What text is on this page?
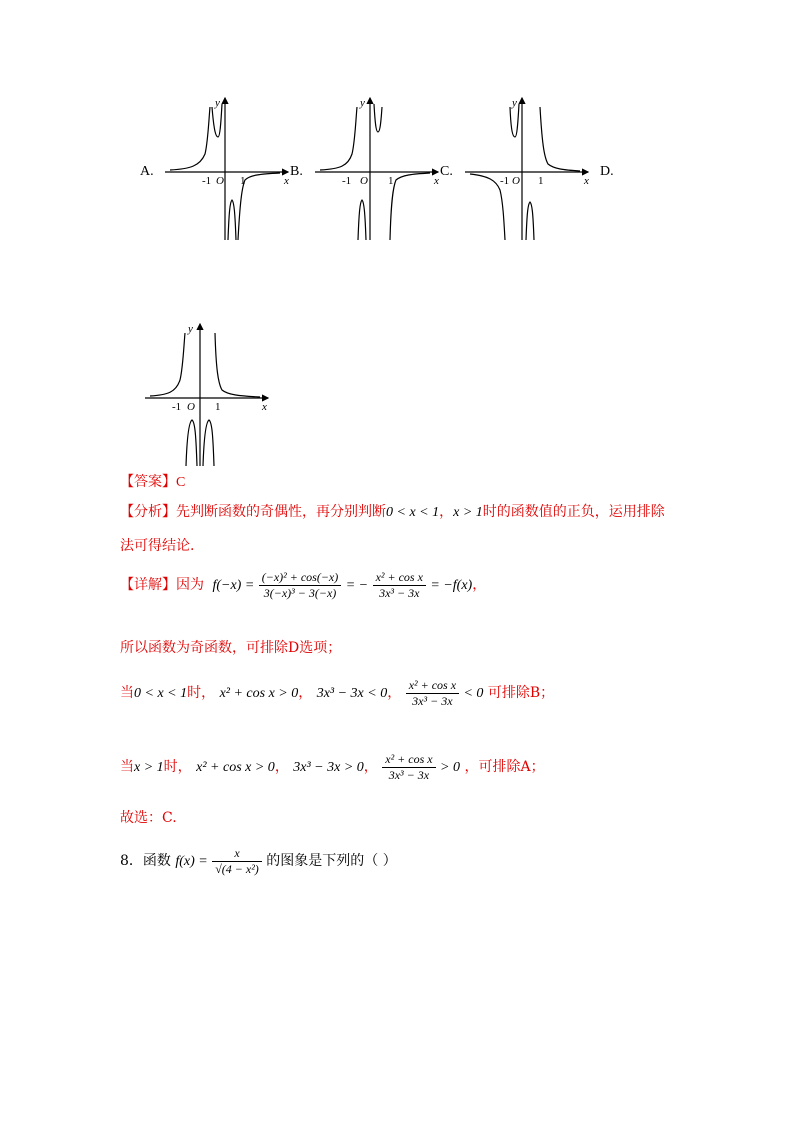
A.	B.	C.	D.
y
x
-1 O 1
y
x
-1 O 1
y
x
-1 O 1
y
x
-1 O 1
【答案】C
【分析】先判断函数的奇偶性，再分别判断0 < x < 1，x > 1时的函数值的正负，运用排除
法可得结论.
【详解】因为 $f(-x) = \frac{\text{(−x)² + cos(−x)}}{\text{3(−x)³ − 3(−x)}}$ = − $\frac{\text{x² + cos x}}{\text{3x³ − 3x}} = -f(x)$，
所以函数为奇函数，可排除D选项；
当0 < x < 1时， x² + cos x > 0， 3x³ − 3x < 0， $\frac{\text{x² + cos x}}{\text{3x³ − 3x}} < 0$ 可排除B；
当x > 1时， x² + cos x > 0， 3x³ − 3x > 0， $\frac{\text{x² + cos x}}{\text{3x³ − 3x}} > 0$ ，可排除A；
故选：C.
8．函数 $f(x) = \frac{x}{\text{√(4 − x²)}}$ 的图象是下列的（ ）
